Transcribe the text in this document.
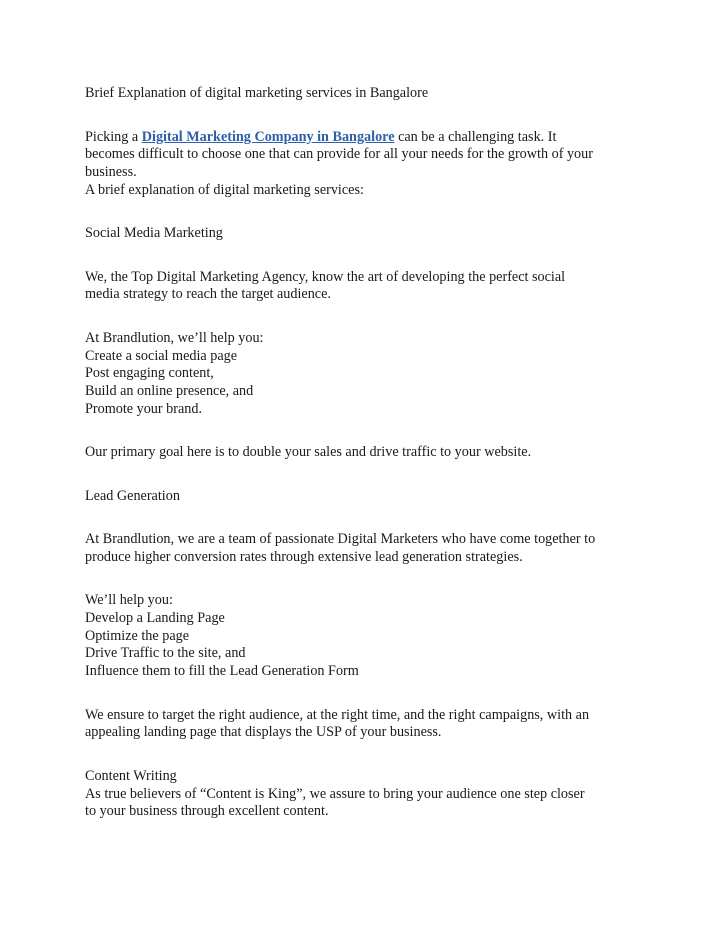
Brief Explanation of digital marketing services in Bangalore

Picking a Digital Marketing Company in Bangalore can be a challenging task. It
becomes difficult to choose one that can provide for all your needs for the growth of your
business.
A brief explanation of digital marketing services:

Social Media Marketing

We, the Top Digital Marketing Agency, know the art of developing the perfect social
media strategy to reach the target audience.

At Brandlution, we’ll help you:
Create a social media page
Post engaging content,
Build an online presence, and
Promote your brand.

Our primary goal here is to double your sales and drive traffic to your website.

Lead Generation

At Brandlution, we are a team of passionate Digital Marketers who have come together to
produce higher conversion rates through extensive lead generation strategies.

We’ll help you:
Develop a Landing Page
Optimize the page
Drive Traffic to the site, and
Influence them to fill the Lead Generation Form

We ensure to target the right audience, at the right time, and the right campaigns, with an
appealing landing page that displays the USP of your business.

Content Writing
As true believers of “Content is King”, we assure to bring your audience one step closer
to your business through excellent content.
